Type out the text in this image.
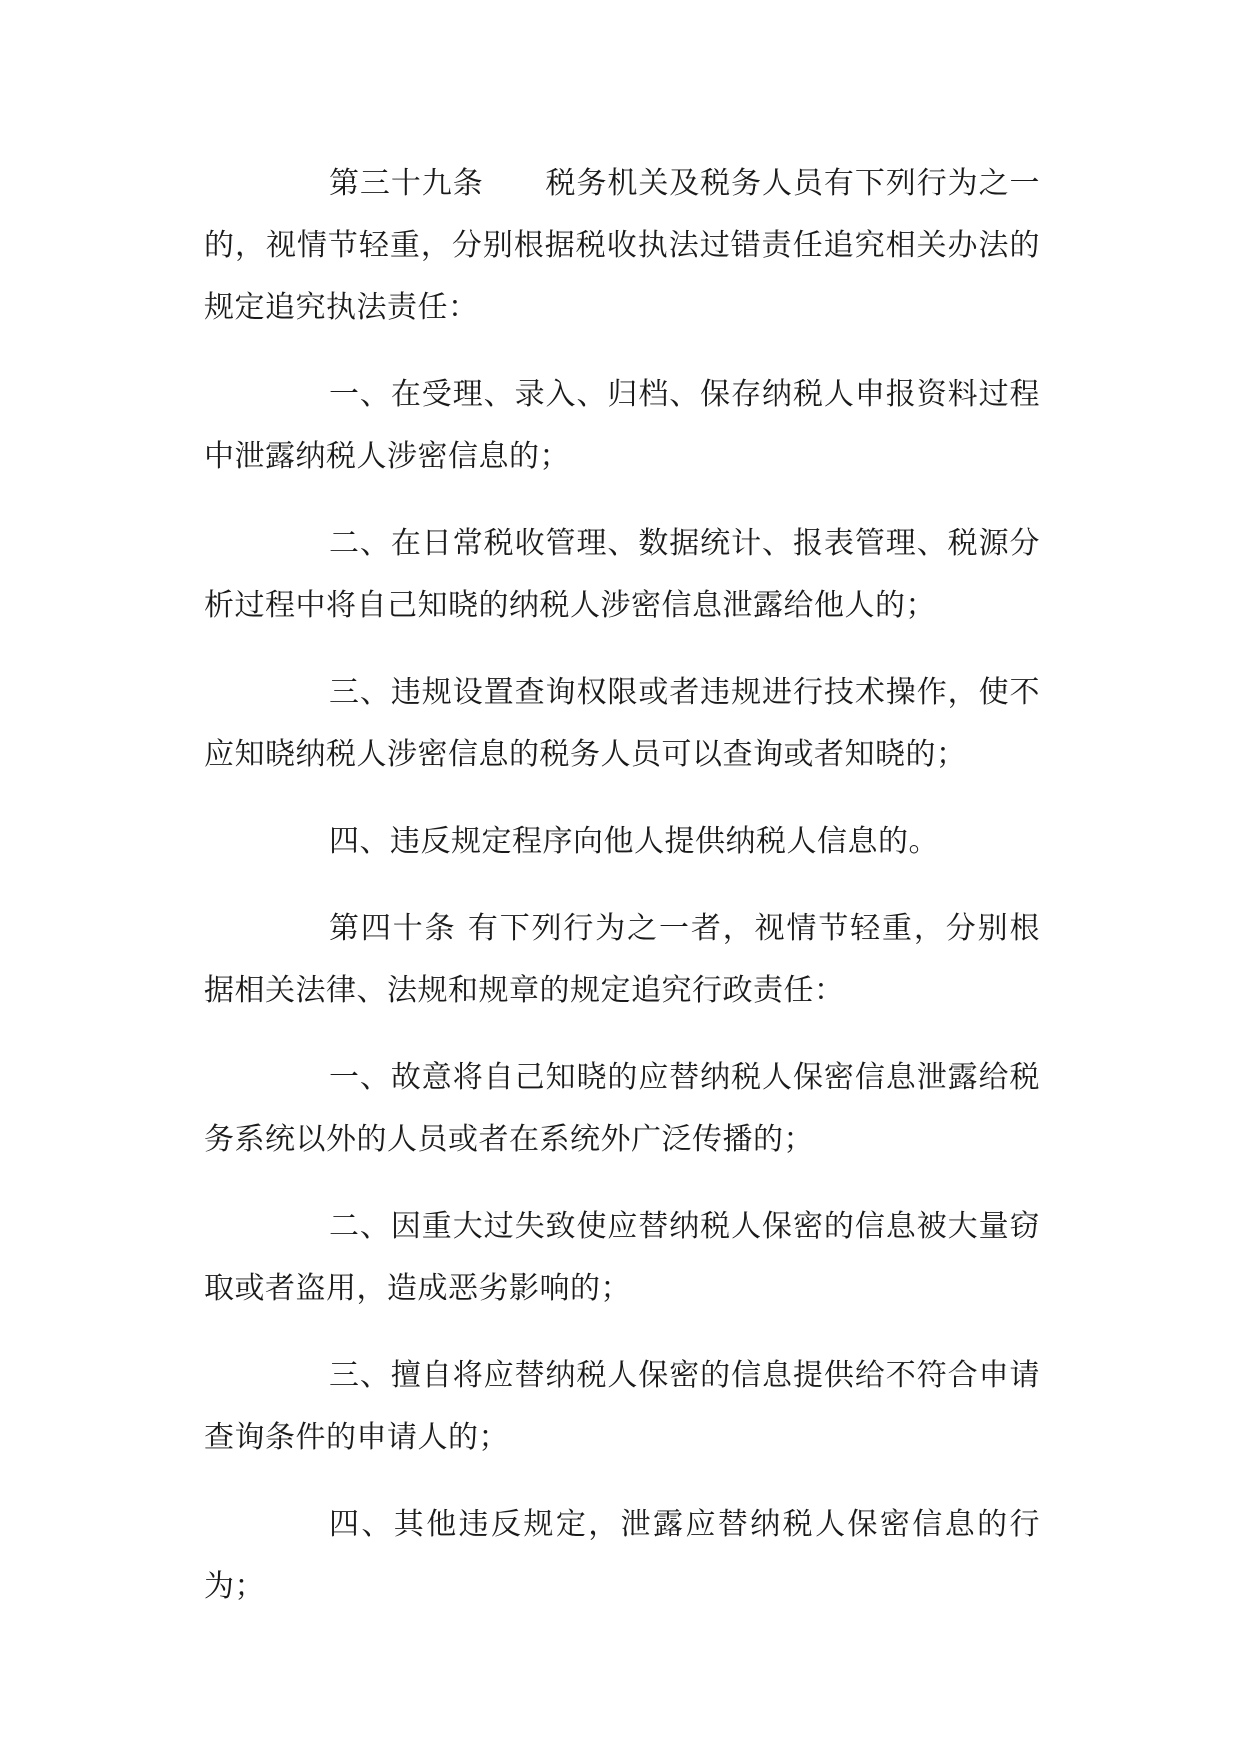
第三十九条　　税务机关及税务人员有下列行为之一的，视情节轻重，分别根据税收执法过错责任追究相关办法的规定追究执法责任：

一、在受理、录入、归档、保存纳税人申报资料过程中泄露纳税人涉密信息的；

二、在日常税收管理、数据统计、报表管理、税源分析过程中将自己知晓的纳税人涉密信息泄露给他人的；

三、违规设置查询权限或者违规进行技术操作，使不应知晓纳税人涉密信息的税务人员可以查询或者知晓的；

四、违反规定程序向他人提供纳税人信息的。

第四十条 有下列行为之一者，视情节轻重，分别根据相关法律、法规和规章的规定追究行政责任：

一、故意将自己知晓的应替纳税人保密信息泄露给税务系统以外的人员或者在系统外广泛传播的；

二、因重大过失致使应替纳税人保密的信息被大量窃取或者盗用，造成恶劣影响的；

三、擅自将应替纳税人保密的信息提供给不符合申请查询条件的申请人的；

四、其他违反规定，泄露应替纳税人保密信息的行为；
